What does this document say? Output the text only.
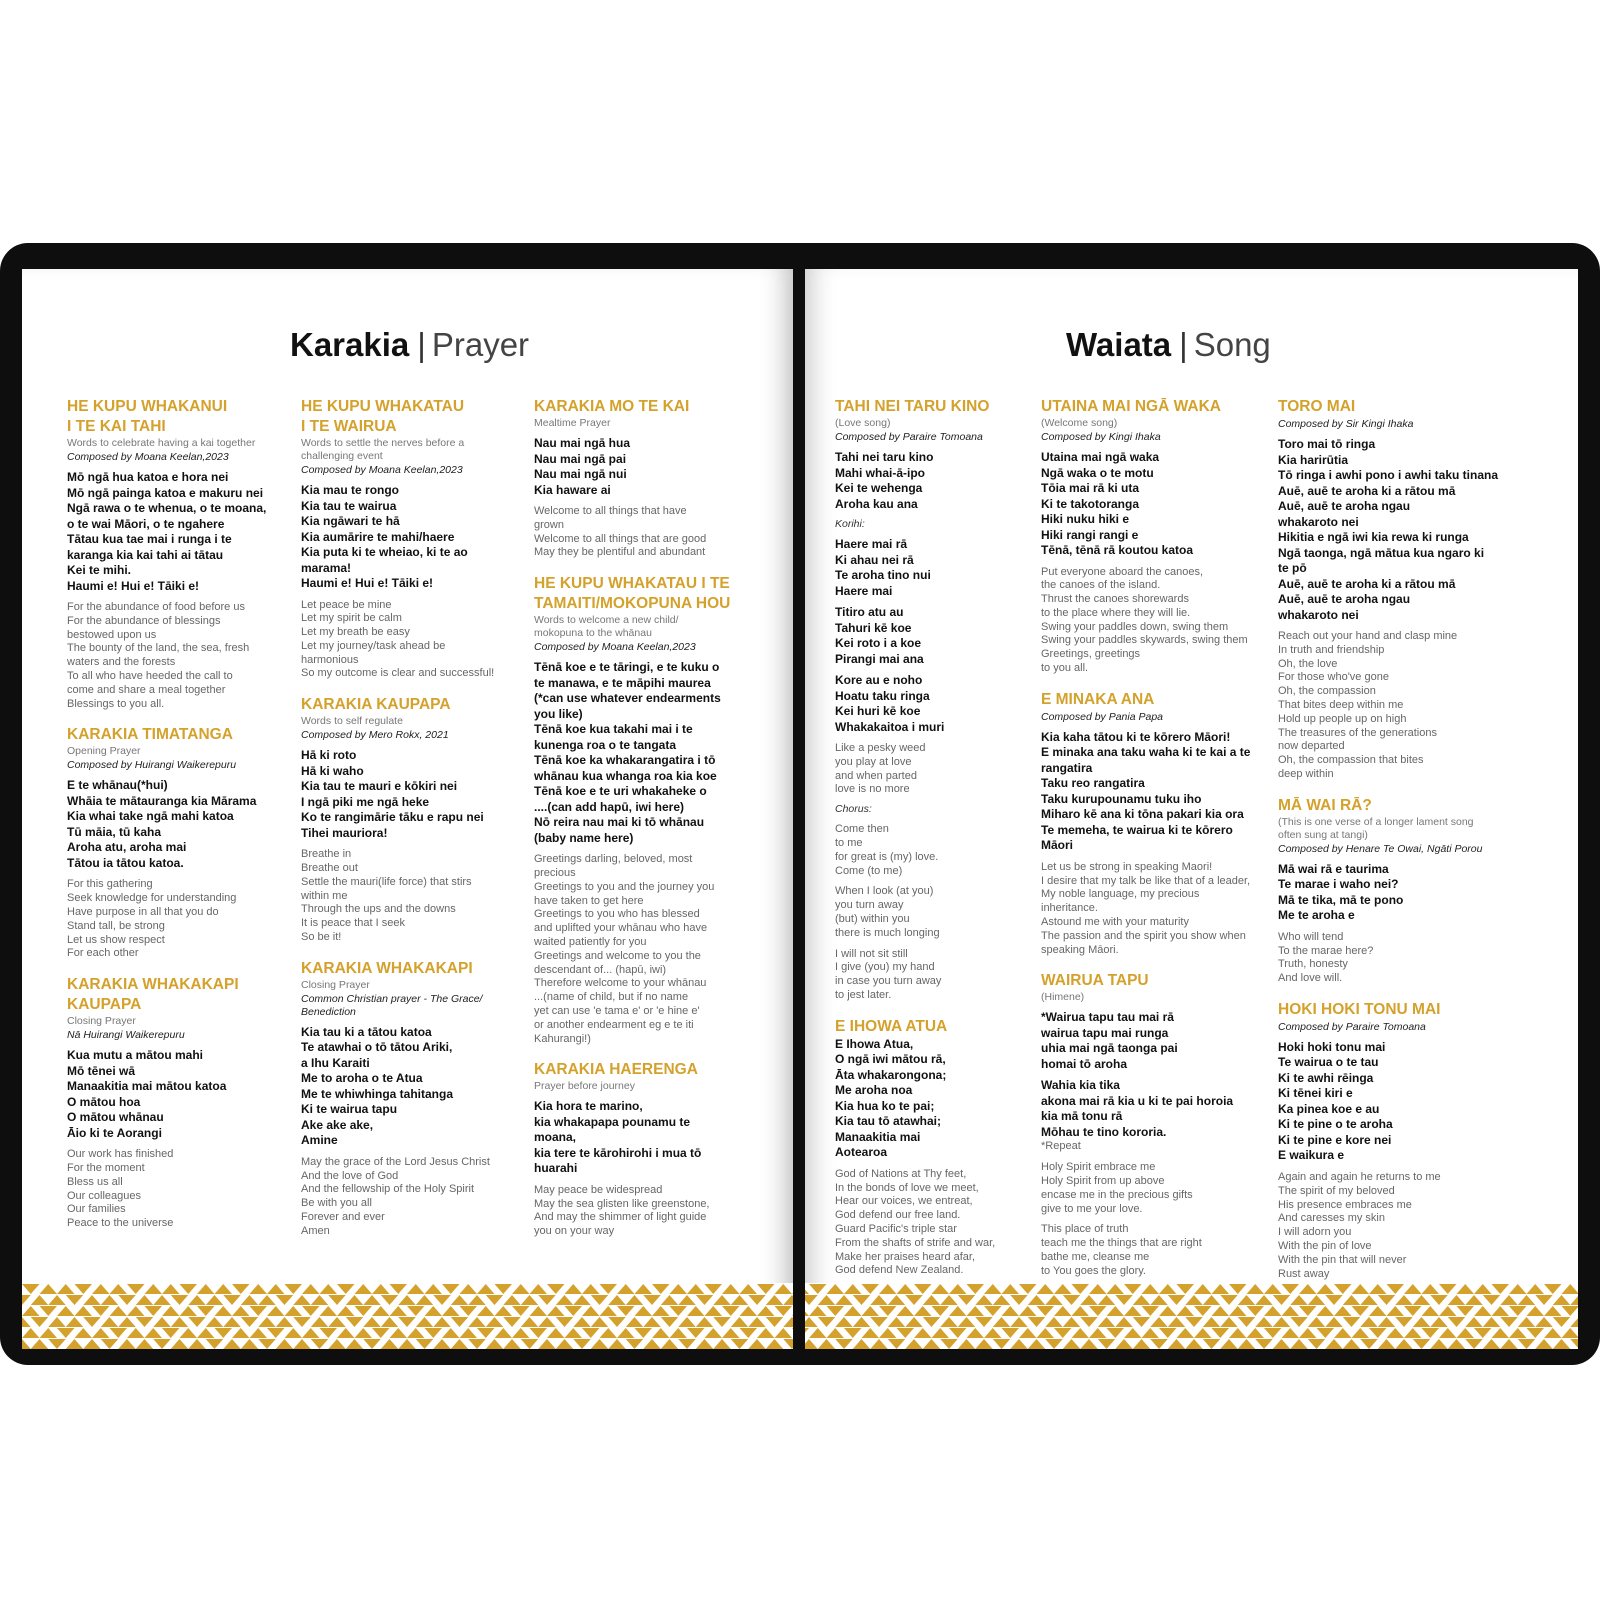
Karakia | Prayer
HE KUPU WHAKANUI
I TE KAI TAHI

Words to celebrate having a kai together

Composed by Moana Keelan,2023

Mō ngā hua katoa e hora nei
Mō ngā painga katoa e makuru nei
Ngā rawa o te whenua, o te moana,
o te wai Māori, o te ngahere
Tātau kua tae mai i runga i te
karanga kia kai tahi ai tātau
Kei te mihi.
Haumi e! Hui e! Tāiki e!

For the abundance of food before us
For the abundance of blessings
bestowed upon us
The bounty of the land, the sea, fresh
waters and the forests
To all who have heeded the call to
come and share a meal together
Blessings to you all.

KARAKIA TIMATANGA

Opening Prayer

Composed by Huirangi Waikerepuru

E te whānau(*hui)
Whāia te mātauranga kia Mārama
Kia whai take ngā mahi katoa
Tū māia, tū kaha
Aroha atu, aroha mai
Tātou ia tātou katoa.

For this gathering
Seek knowledge for understanding
Have purpose in all that you do
Stand tall, be strong
Let us show respect
For each other

KARAKIA WHAKAKAPI
KAUPAPA

Closing Prayer

Nā Huirangi Waikerepuru

Kua mutu a mātou mahi
Mō tēnei wā
Manaakitia mai mātou katoa
O mātou hoa
O mātou whānau
Āio ki te Aorangi

Our work has finished
For the moment
Bless us all
Our colleagues
Our families
Peace to the universe

HE KUPU WHAKATAU
I TE WAIRUA

Words to settle the nerves before a
challenging event

Composed by Moana Keelan,2023

Kia mau te rongo
Kia tau te wairua
Kia ngāwari te hā
Kia aumārire te mahi/haere
Kia puta ki te wheiao, ki te ao
marama!
Haumi e! Hui e! Tāiki e!

Let peace be mine
Let my spirit be calm
Let my breath be easy
Let my journey/task ahead be
harmonious
So my outcome is clear and successful!

KARAKIA KAUPAPA

Words to self regulate

Composed by Mero Rokx, 2021

Hā ki roto
Hā ki waho
Kia tau te mauri e kōkiri nei
I ngā piki me ngā heke
Ko te rangimārie tāku e rapu nei
Tihei mauriora!

Breathe in
Breathe out
Settle the mauri(life force) that stirs
within me
Through the ups and the downs
It is peace that I seek
So be it!

KARAKIA WHAKAKAPI

Closing Prayer

Common Christian prayer - The Grace/
Benediction

Kia tau ki a tātou katoa
Te atawhai o tō tātou Ariki,
a Ihu Karaiti
Me to aroha o te Atua
Me te whiwhinga tahitanga
Ki te wairua tapu
Ake ake ake,
Amine

May the grace of the Lord Jesus Christ
And the love of God
And the fellowship of the Holy Spirit
Be with you all
Forever and ever
Amen

KARAKIA MO TE KAI

Mealtime Prayer

Nau mai ngā hua
Nau mai ngā pai
Nau mai ngā nui
Kia haware ai

Welcome to all things that have
grown
Welcome to all things that are good
May they be plentiful and abundant

HE KUPU WHAKATAU I TE
TAMAITI/MOKOPUNA HOU

Words to welcome a new child/
mokopuna to the whānau

Composed by Moana Keelan,2023

Tēnā koe e te tāringi, e te kuku o
te manawa, e te māpihi maurea
(*can use whatever endearments
you like)
Tēnā koe kua takahi mai i te
kunenga roa o te tangata
Tēnā koe ka whakarangatira i tō
whānau kua whanga roa kia koe
Tēnā koe e te uri whakaheke o
....(can add hapū, iwi here)
Nō reira nau mai ki tō whānau
(baby name here)

Greetings darling, beloved, most
precious
Greetings to you and the journey you
have taken to get here
Greetings to you who has blessed
and uplifted your whānau who have
waited patiently for you
Greetings and welcome to you the
descendant of... (hapū, iwi)
Therefore welcome to your whānau
...(name of child, but if no name
yet can use 'e tama e' or 'e hine e'
or another endearment eg e te iti
Kahurangi!)

KARAKIA HAERENGA

Prayer before journey

Kia hora te marino,
kia whakapapa pounamu te
moana,
kia tere te kārohirohi i mua tō
huarahi

May peace be widespread
May the sea glisten like greenstone,
And may the shimmer of light guide
you on your way

Waiata | Song
TAHI NEI TARU KINO

(Love song)

Composed by Paraire Tomoana

Tahi nei taru kino
Mahi whai-ā-ipo
Kei te wehenga
Aroha kau ana

Korihi:

Haere mai rā
Ki ahau nei rā
Te aroha tino nui
Haere mai

Titiro atu au
Tahuri kē koe
Kei roto i a koe
Pirangi mai ana

Kore au e noho
Hoatu taku ringa
Kei huri kē koe
Whakakaitoa i muri

Like a pesky weed
you play at love
and when parted
love is no more

Chorus:

Come then
to me
for great is (my) love.
Come (to me)

When I look (at you)
you turn away
(but) within you
there is much longing

I will not sit still
I give (you) my hand
in case you turn away
to jest later.

E IHOWA ATUA

E Ihowa Atua,
O ngā iwi mātou rā,
Āta whakarongona;
Me aroha noa
Kia hua ko te pai;
Kia tau tō atawhai;
Manaakitia mai
Aotearoa

God of Nations at Thy feet,
In the bonds of love we meet,
Hear our voices, we entreat,
God defend our free land.
Guard Pacific's triple star
From the shafts of strife and war,
Make her praises heard afar,
God defend New Zealand.

UTAINA MAI NGĀ WAKA

(Welcome song)

Composed by Kingi Ihaka

Utaina mai ngā waka
Ngā waka o te motu
Tōia mai rā ki uta
Ki te takotoranga
Hiki nuku hiki e
Hiki rangi rangi e
Tēnā, tēnā rā koutou katoa

Put everyone aboard the canoes,
the canoes of the island.
Thrust the canoes shorewards
to the place where they will lie.
Swing your paddles down, swing them
Swing your paddles skywards, swing them
Greetings, greetings
to you all.

E MINAKA ANA

Composed by Pania Papa

Kia kaha tātou ki te kōrero Māori!
E minaka ana taku waha ki te kai a te
rangatira
Taku reo rangatira
Taku kurupounamu tuku iho
Miharo kē ana ki tōna pakari kia ora
Te memeha, te wairua ki te kōrero
Māori

Let us be strong in speaking Maori!
I desire that my talk be like that of a leader,
My noble language, my precious
inheritance.
Astound me with your maturity
The passion and the spirit you show when
speaking Māori.

WAIRUA TAPU

(Himene)

*Wairua tapu tau mai rā
wairua tapu mai runga
uhia mai ngā taonga pai
homai tō aroha

Wahia kia tika
akona mai rā kia u ki te pai horoia
kia mā tonu rā
Mōhau te tino kororia.

*Repeat

Holy Spirit embrace me
Holy Spirit from up above
encase me in the precious gifts
give to me your love.

This place of truth
teach me the things that are right
bathe me, cleanse me
to You goes the glory.

TORO MAI

Composed by Sir Kingi Ihaka

Toro mai tō ringa
Kia harirūtia
Tō ringa i awhi pono i awhi taku tinana
Auē, auē te aroha ki a rātou mā
Auē, auē te aroha ngau
whakaroto nei
Hikitia e ngā iwi kia rewa ki runga
Ngā taonga, ngā mātua kua ngaro ki
te pō
Auē, auē te aroha ki a rātou mā
Auē, auē te aroha ngau
whakaroto nei

Reach out your hand and clasp mine
In truth and friendship
Oh, the love
For those who've gone
Oh, the compassion
That bites deep within me
Hold up people up on high
The treasures of the generations
now departed
Oh, the compassion that bites
deep within

MĀ WAI RĀ?

(This is one verse of a longer lament song
often sung at tangi)

Composed by Henare Te Owai, Ngāti Porou

Mā wai rā e taurima
Te marae i waho nei?
Mā te tika, mā te pono
Me te aroha e

Who will tend
To the marae here?
Truth, honesty
And love will.

HOKI HOKI TONU MAI

Composed by Paraire Tomoana

Hoki hoki tonu mai
Te wairua o te tau
Ki te awhi rēinga
Ki tēnei kiri e
Ka pinea koe e au
Ki te pine o te aroha
Ki te pine e kore nei
E waikura e

Again and again he returns to me
The spirit of my beloved
His presence embraces me
And caresses my skin
I will adorn you
With the pin of love
With the pin that will never
Rust away
